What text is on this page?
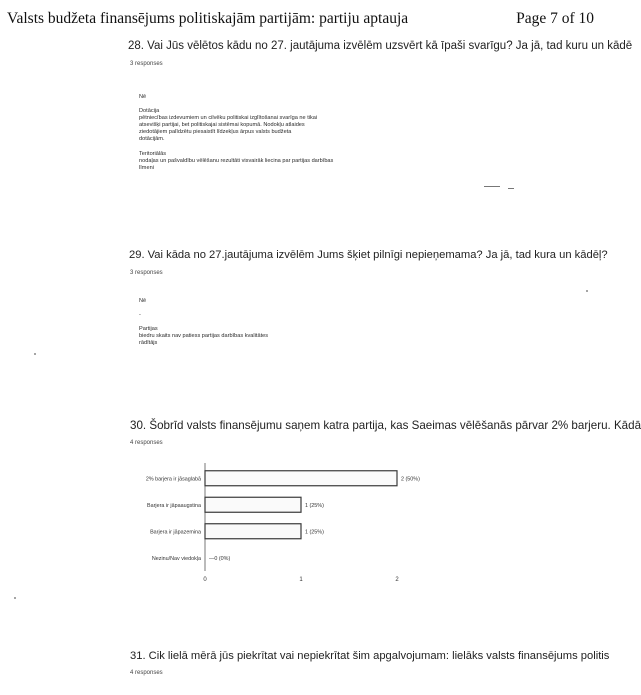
Valsts budžeta finansējums politiskajām partijām: partiju aptauja	Page 7 of 10
28. Vai Jūs vēlētos kādu no 27. jautājuma izvēlēm uzsvērt kā īpaši svarīgu? Ja jā, tad kuru un kādē
3 responses
Nē
Dotācija
pētniecības izdevumiem un cilvēku politiskai izglītošanai svarīga ne tikai
atsevišķi partijai, bet politiskajai sistēmai kopumā. Nodokļu atlaides
ziedotājiem palīdzētu piesaistīt līdzekļus ārpus valsts budžeta
dotācijām.
Teritoriālās
nodaļas un pašvaldību vēlēšanu rezultāti visvairāk liecina par partijas darbības
līmeni
29. Vai kāda no 27.jautājuma izvēlēm Jums šķiet pilnīgi nepieņemama? Ja jā, tad kura un kādēļ?
3 responses
Nē
-
Partijas
biedru skaits nav patiess partijas darbības kvalitātes
rādītājs
30. Šobrīd valsts finansējumu saņem katra partija, kas Saeimas vēlēšanās pārvar 2% barjeru. Kādā
4 responses
0	1	2
2% barjera ir jāsaglabā	2 (50%)
Barjera ir jāpaaugstina	1 (25%)
Barjera ir jāpazemina	1 (25%)
Nezinu/Nav viedokļa —0 (0%)
31. Cik lielā mērā jūs piekrītat vai nepiekrītat šim apgalvojumam: lielāks valsts finansējums politis
4 responses
